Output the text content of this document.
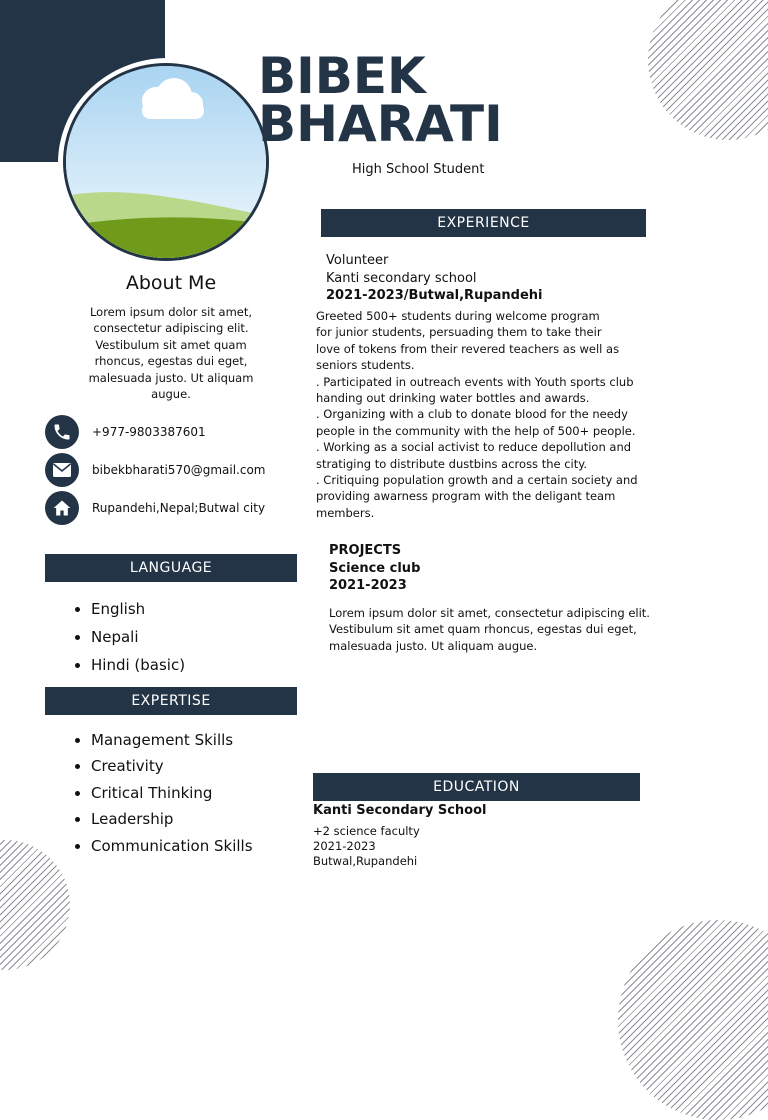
BIBEK
BHARATI
High School Student
About Me
Lorem ipsum dolor sit amet,
consectetur adipiscing elit.
Vestibulum sit amet quam
rhoncus, egestas dui eget,
malesuada justo. Ut aliquam
augue.
+977-9803387601
bibekbharati570@gmail.com
Rupandehi,Nepal;Butwal city
LANGUAGE
• English
• Nepali
• Hindi (basic)
EXPERTISE
• Management Skills
• Creativity
• Critical Thinking
• Leadership
• Communication Skills
EXPERIENCE
Volunteer
Kanti secondary school
2021-2023/Butwal,Rupandehi
Greeted 500+ students during welcome program
for junior students, persuading them to take their
love of tokens from their revered teachers as well as
seniors students.
. Participated in outreach events with Youth sports club
handing out drinking water bottles and awards.
. Organizing with a club to donate blood for the needy
people in the community with the help of 500+ people.
. Working as a social activist to reduce depollution and
stratiging to distribute dustbins across the city.
. Critiquing population growth and a certain society and
providing awarness program with the deligant team
members.
PROJECTS
Science club
2021-2023
Lorem ipsum dolor sit amet, consectetur adipiscing elit.
Vestibulum sit amet quam rhoncus, egestas dui eget,
malesuada justo. Ut aliquam augue.
EDUCATION
Kanti Secondary School
+2 science faculty
2021-2023
Butwal,Rupandehi
